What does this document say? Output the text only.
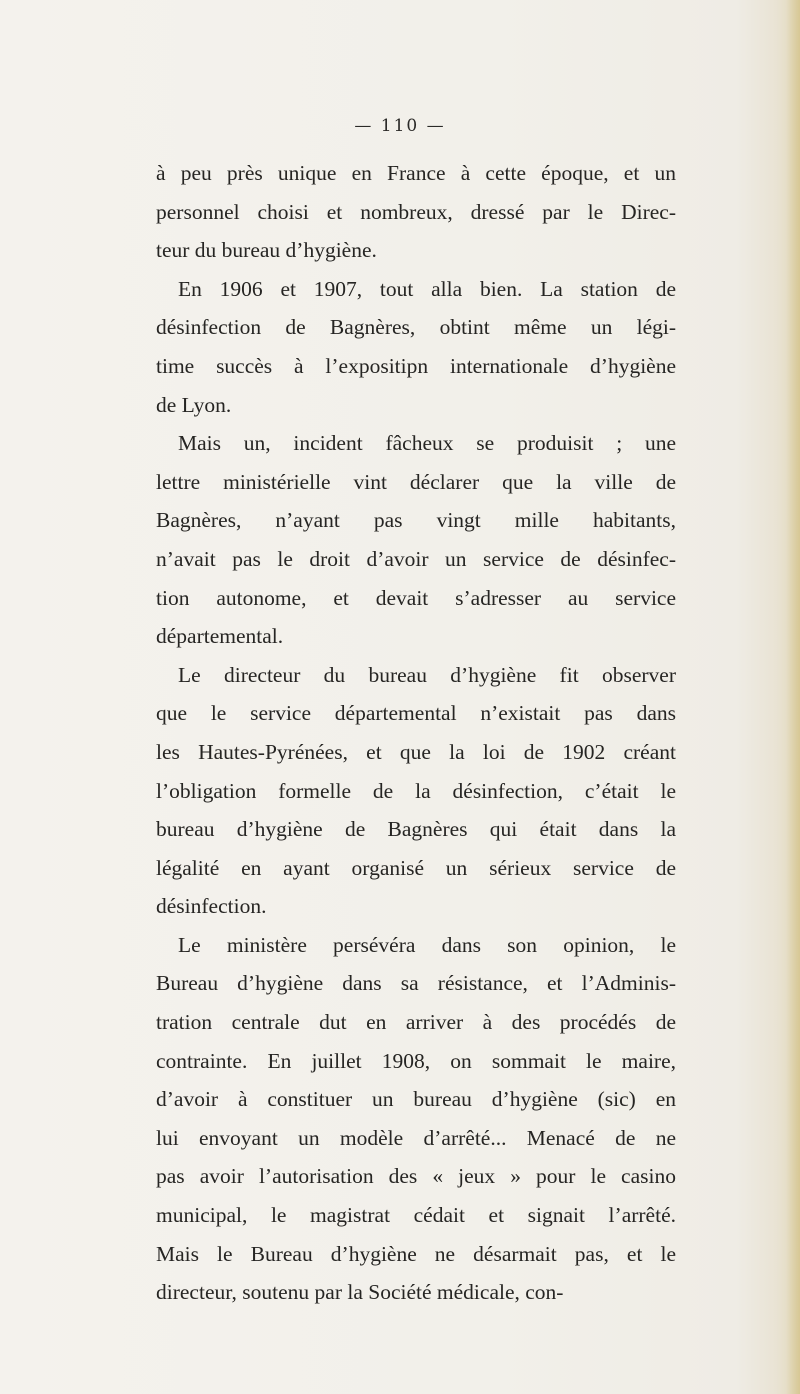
— 110 —
à peu près unique en France à cette époque, et un
personnel choisi et nombreux, dressé par le Direc-
teur du bureau d’hygiène.
En 1906 et 1907, tout alla bien. La station de
désinfection de Bagnères, obtint même un légi-
time succès à l’expositipn internationale d’hygiène
de Lyon.
Mais un, incident fâcheux se produisit ; une
lettre ministérielle vint déclarer que la ville de
Bagnères, n’ayant pas vingt mille habitants,
n’avait pas le droit d’avoir un service de désinfec-
tion autonome, et devait s’adresser au service
départemental.
Le directeur du bureau d’hygiène fit observer
que le service départemental n’existait pas dans
les Hautes-Pyrénées, et que la loi de 1902 créant
l’obligation formelle de la désinfection, c’était le
bureau d’hygiène de Bagnères qui était dans la
légalité en ayant organisé un sérieux service de
désinfection.
Le ministère persévéra dans son opinion, le
Bureau d’hygiène dans sa résistance, et l’Adminis-
tration centrale dut en arriver à des procédés de
contrainte. En juillet 1908, on sommait le maire,
d’avoir à constituer un bureau d’hygiène (sic) en
lui envoyant un modèle d’arrêté... Menacé de ne
pas avoir l’autorisation des « jeux » pour le casino
municipal, le magistrat cédait et signait l’arrêté.
Mais le Bureau d’hygiène ne désarmait pas, et le
directeur, soutenu par la Société médicale, con-
